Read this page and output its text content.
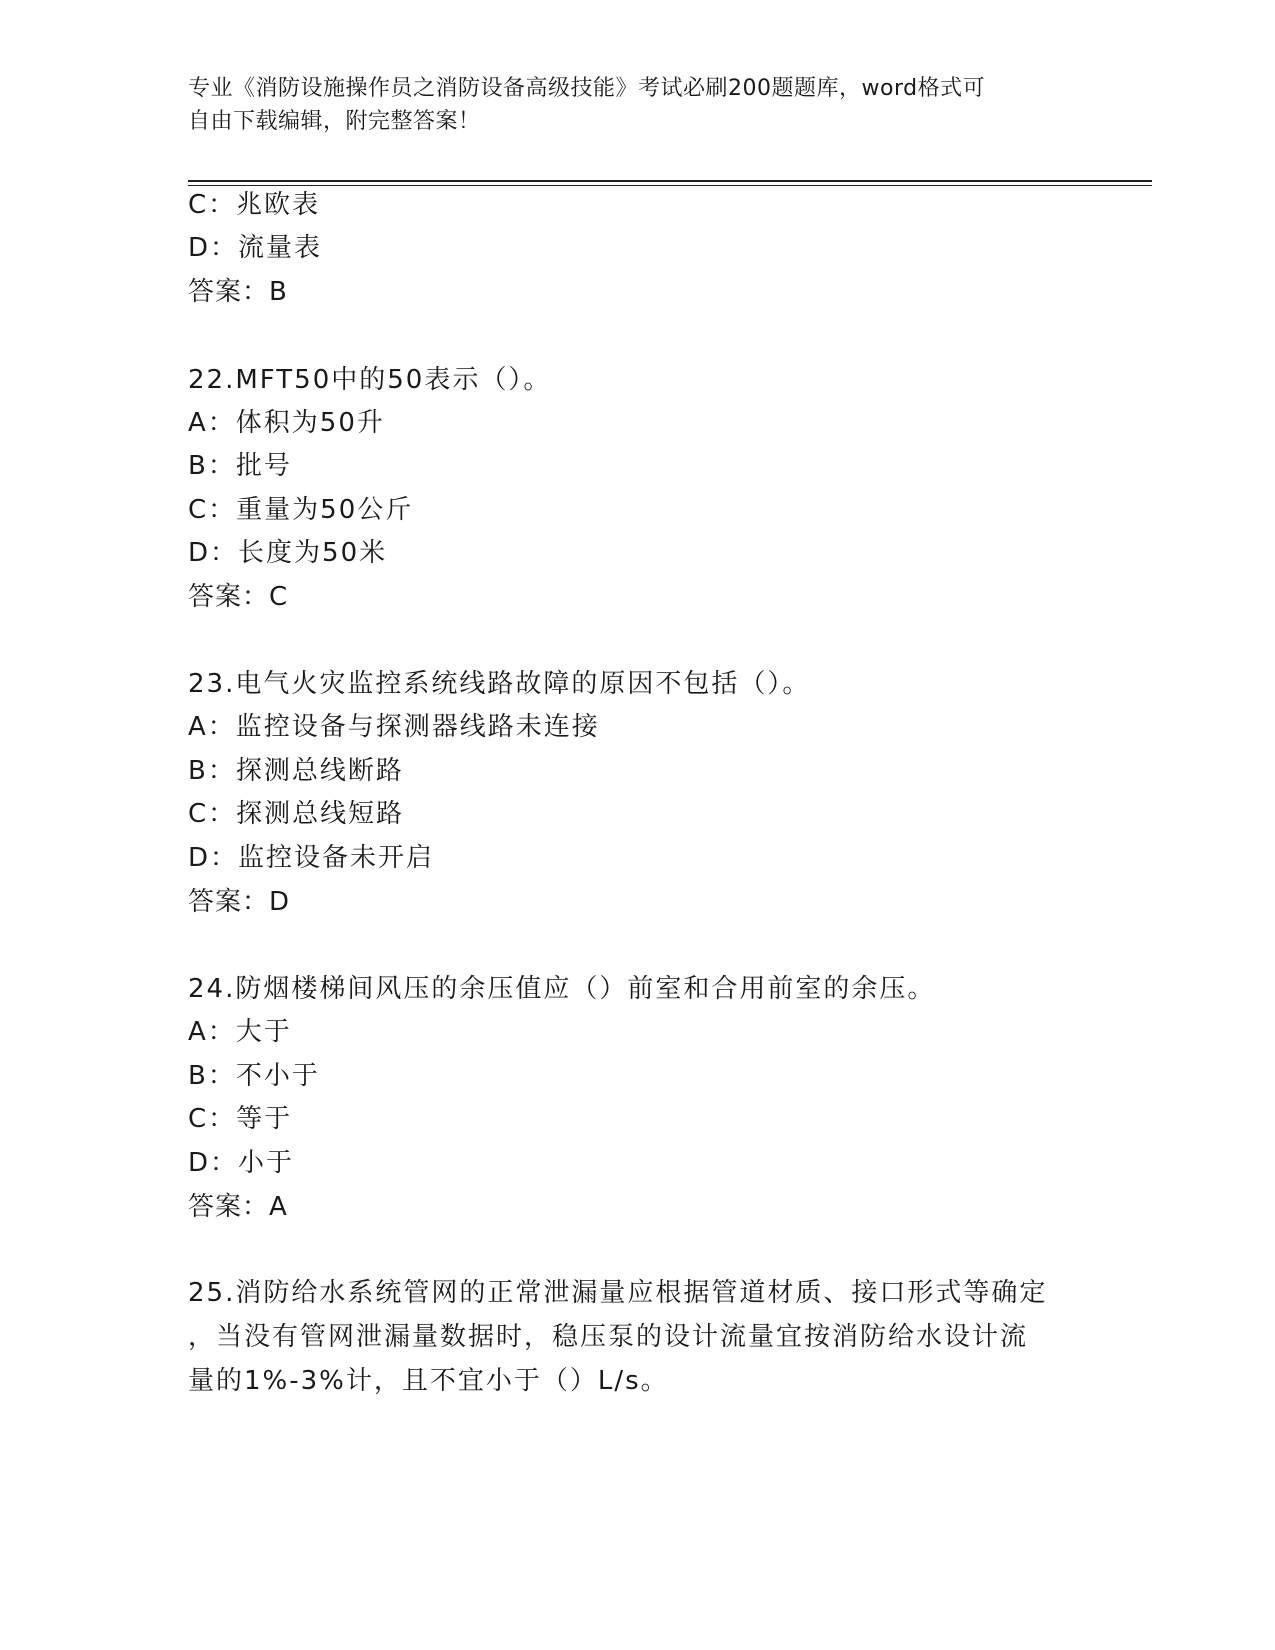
专业《消防设施操作员之消防设备高级技能》考试必刷200题题库，word格式可
自由下载编辑，附完整答案！
C：兆欧表
D：流量表
答案：B
22.MFT50中的50表示（）。
A：体积为50升
B：批号
C：重量为50公斤
D：长度为50米
答案：C
23.电气火灾监控系统线路故障的原因不包括（）。
A：监控设备与探测器线路未连接
B：探测总线断路
C：探测总线短路
D：监控设备未开启
答案：D
24.防烟楼梯间风压的余压值应（）前室和合用前室的余压。
A：大于
B：不小于
C：等于
D：小于
答案：A
25.消防给水系统管网的正常泄漏量应根据管道材质、接口形式等确定
，当没有管网泄漏量数据时，稳压泵的设计流量宜按消防给水设计流
量的1%-3%计，且不宜小于（）L/s。
